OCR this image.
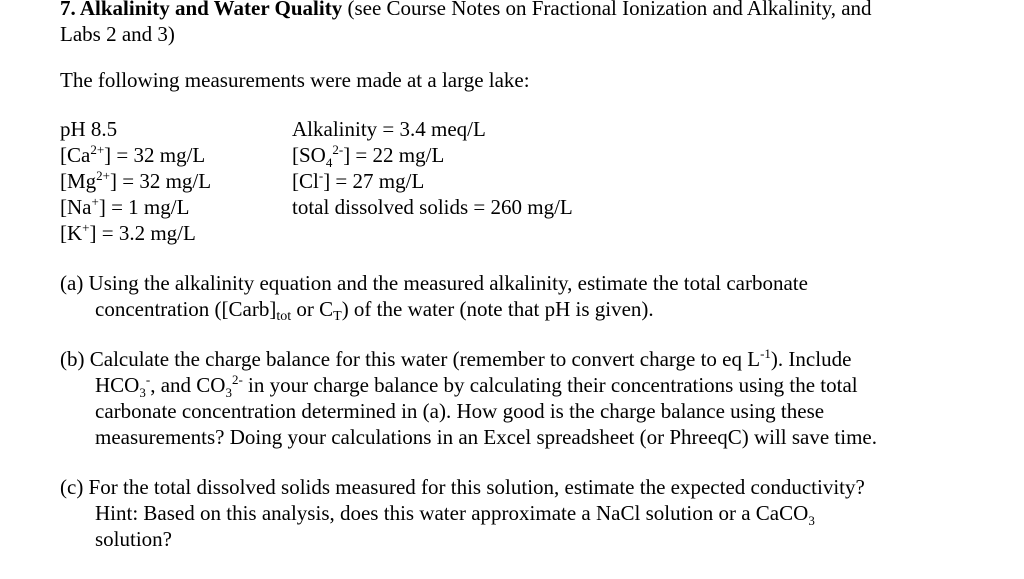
7. Alkalinity and Water Quality (see Course Notes on Fractional Ionization and Alkalinity, and
Labs 2 and 3)
The following measurements were made at a large lake:
pH 8.5
$[Ca^{2+}] = 32$ mg/L
$[Mg^{2+}] = 32$ mg/L
[Na+] = 1 mg/L
[K+] = 3.2 mg/L
Alkalinity = 3.4 meq/L
$[SO_4^{2-}] = 22$ mg/L
[Cl-] = 27 mg/L
total dissolved solids = 260 mg/L
(a) Using the alkalinity equation and the measured alkalinity, estimate the total carbonate
concentration ([Carb]tot or CT) of the water (note that pH is given).
(b) Calculate the charge balance for this water (remember to convert charge to eq $L^{-1}$). Include
$HCO_3^-$, and $CO_3^{2-}$ in your charge balance by calculating their concentrations using the total
carbonate concentration determined in (a). How good is the charge balance using these
measurements? Doing your calculations in an Excel spreadsheet (or PhreeqC) will save time.
(c) For the total dissolved solids measured for this solution, estimate the expected conductivity?
Hint: Based on this analysis, does this water approximate a NaCl solution or a CaCO$_3$
solution?
